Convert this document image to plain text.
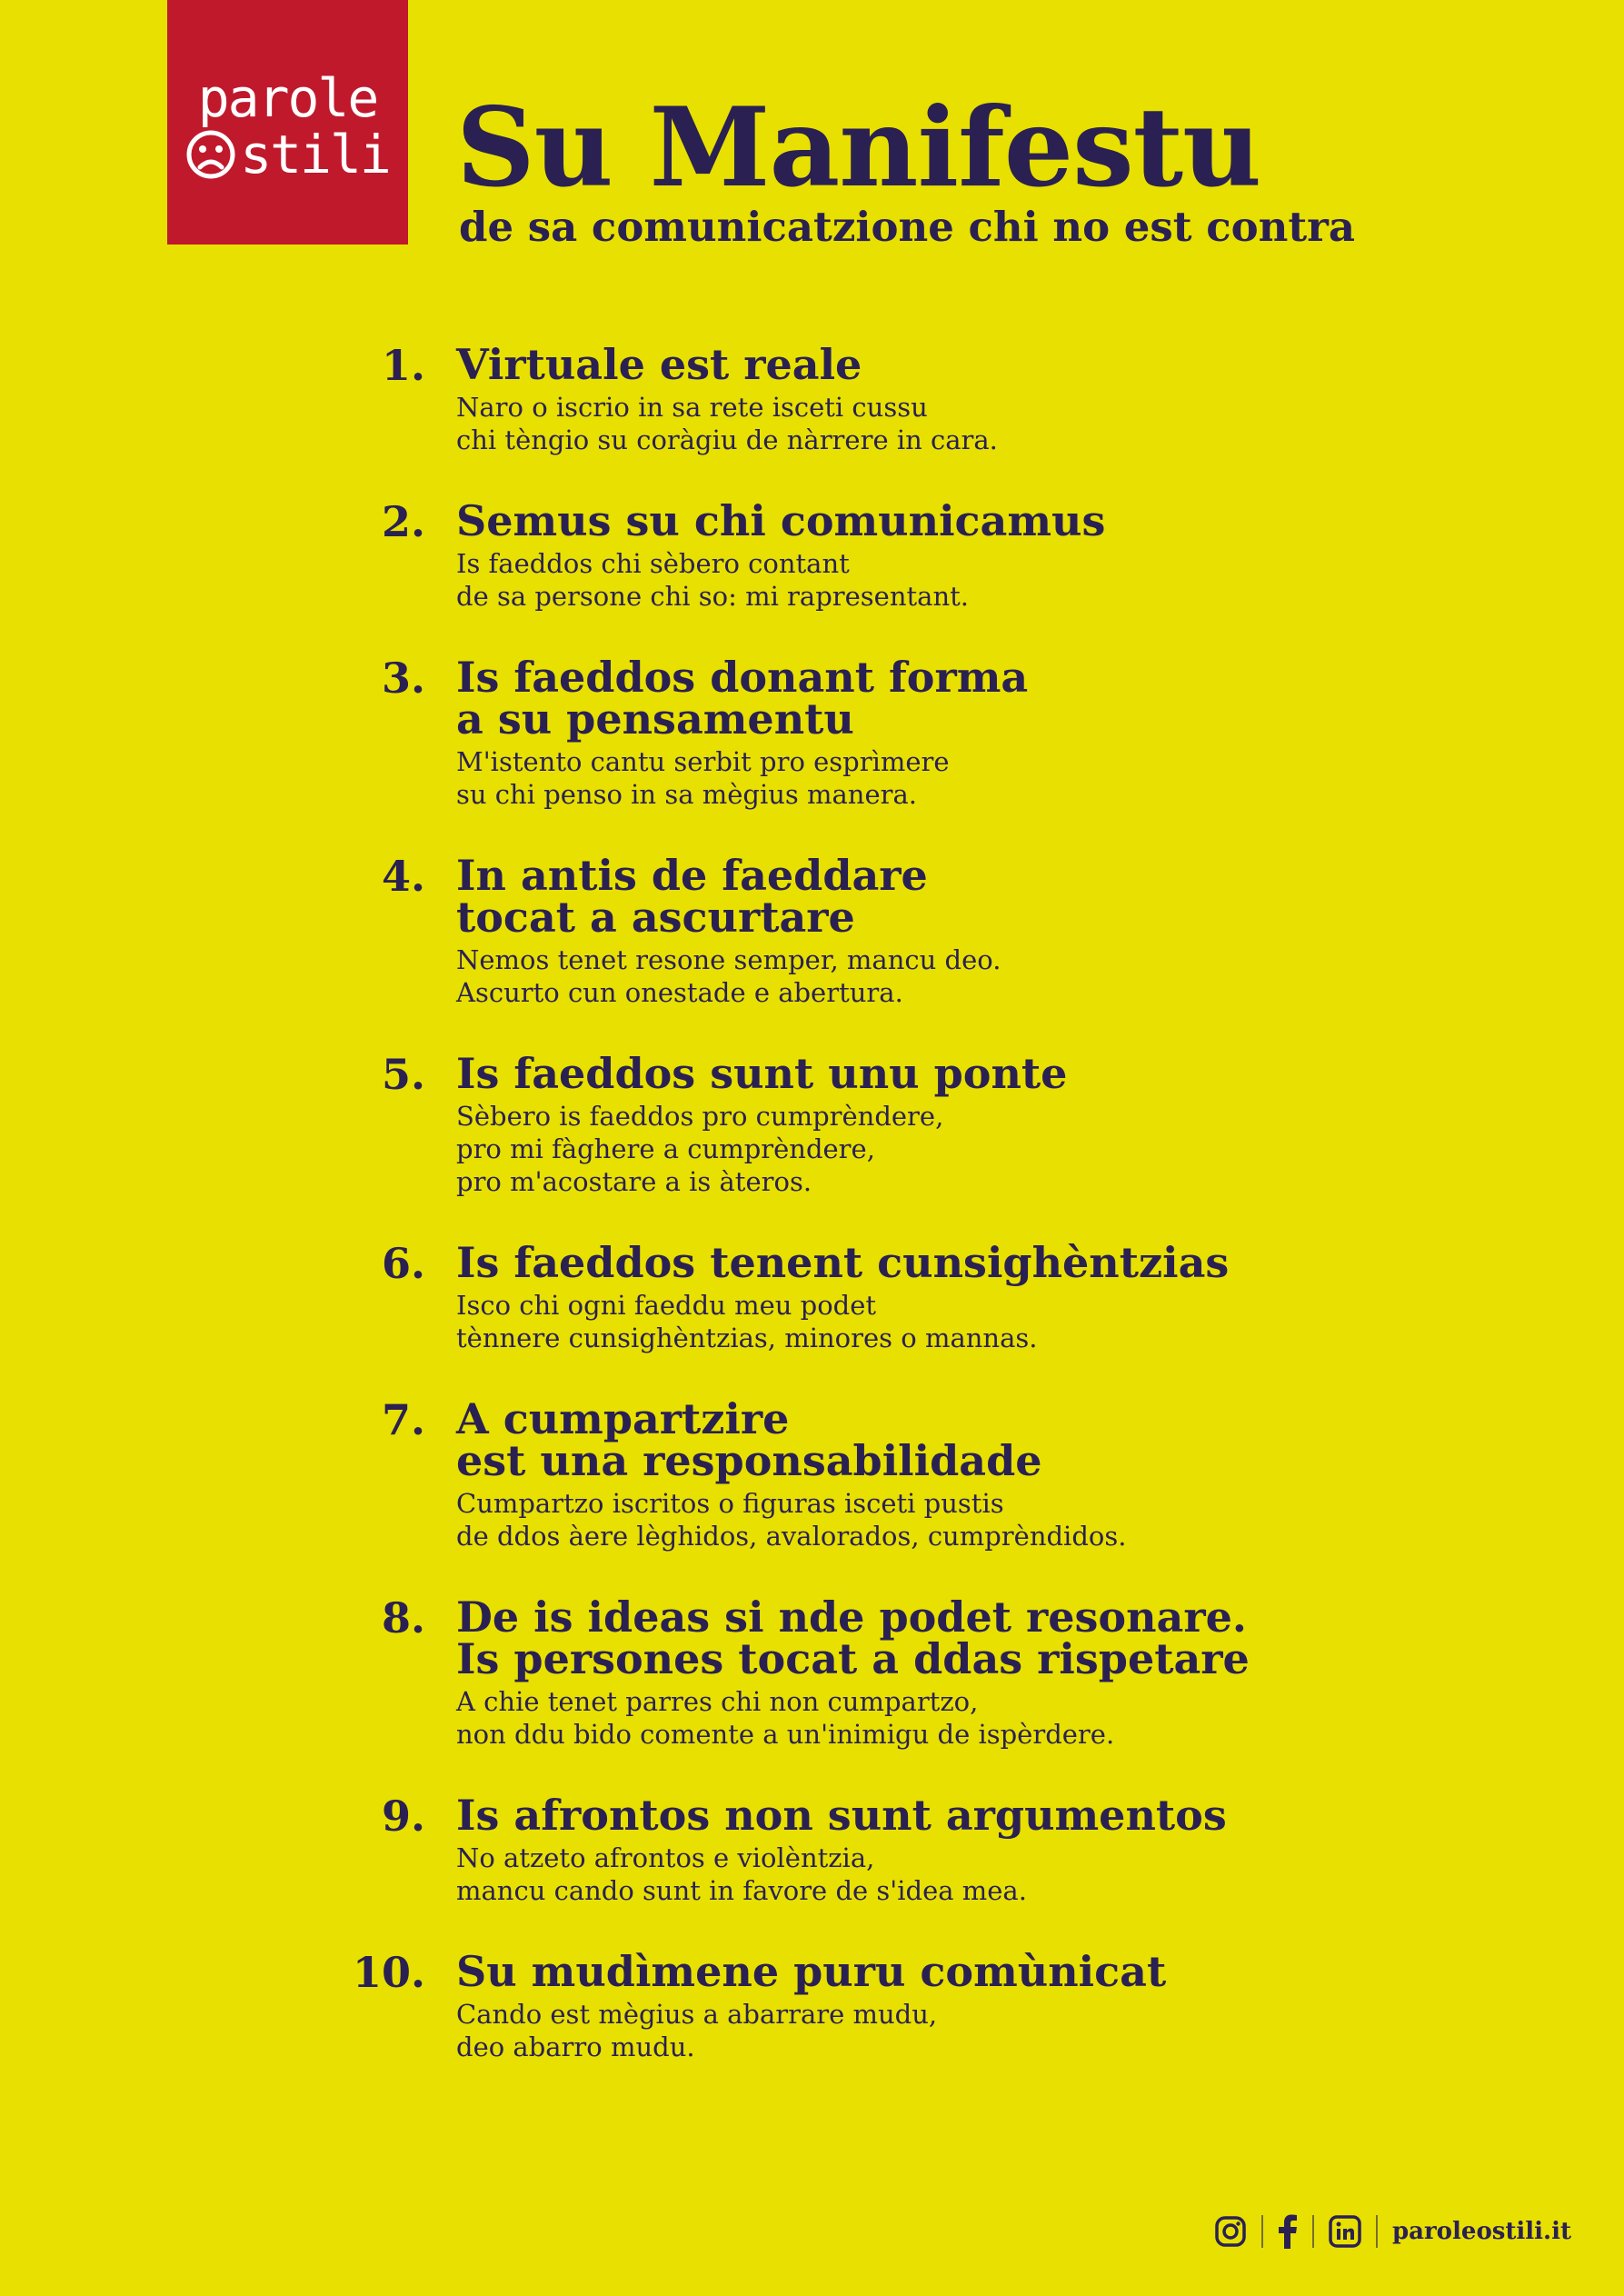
parole
stili Su Manifestu
de sa comunicatzione chi no est contra
1. Virtuale est reale
Naro o iscrio in sa rete isceti cussu
chi tèngio su coràgiu de nàrrere in cara.
2. Semus su chi comunicamus
Is faeddos chi sèbero contant
de sa persone chi so: mi rapresentant.
3. Is faeddos donant forma
a su pensamentu
M'istento cantu serbit pro esprìmere
su chi penso in sa mègius manera.
4. In antis de faeddare
tocat a ascurtare
Nemos tenet resone semper, mancu deo.
Ascurto cun onestade e abertura.
5. Is faeddos sunt unu ponte
Sèbero is faeddos pro cumprèndere,
pro mi fàghere a cumprèndere,
pro m'acostare a is àteros.
6. Is faeddos tenent cunsighèntzias
Isco chi ogni faeddu meu podet
tènnere cunsighèntzias, minores o mannas.
7. A cumpartzire
est una responsabilidade
Cumpartzo iscritos o figuras isceti pustis
de ddos àere lèghidos, avalorados, cumprèndidos.
8. De is ideas si nde podet resonare.
Is persones tocat a ddas rispetare
A chie tenet parres chi non cumpartzo,
non ddu bido comente a un'inimigu de ispèrdere.
9. Is afrontos non sunt argumentos
No atzeto afrontos e violèntzia,
mancu cando sunt in favore de s'idea mea.
10. Su mudìmene puru comùnicat
Cando est mègius a abarrare mudu,
deo abarro mudu.
paroleostili.it
